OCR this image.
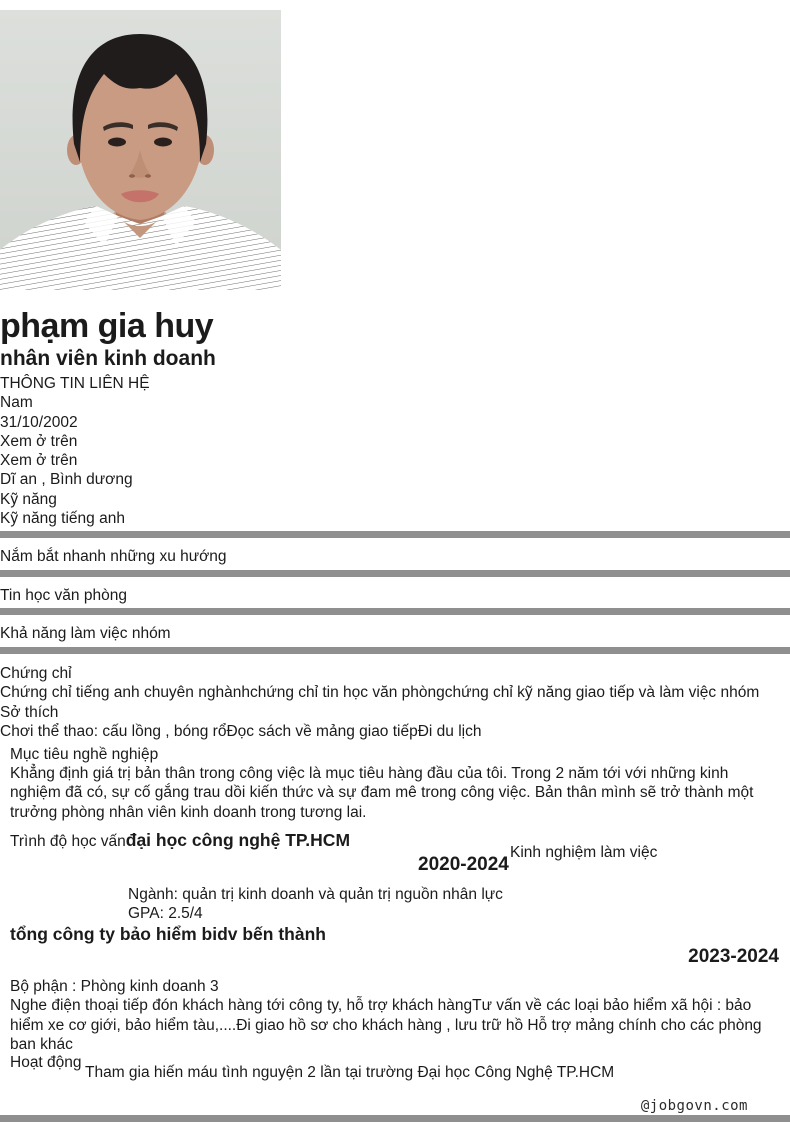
phạm gia huy
nhân viên kinh doanh
THÔNG TIN LIÊN HỆ
Nam
31/10/2002
Xem ở trên
Xem ở trên
Dĩ an , Bình dương
Kỹ năng
Kỹ năng tiếng anh
Nắm bắt nhanh những xu hướng
Tin học văn phòng
Khả năng làm việc nhóm
Chứng chỉ
Chứng chỉ tiếng anh chuyên nghànhchứng chỉ tin học văn phòngchứng chỉ kỹ năng giao tiếp và làm việc nhóm
Sở thích
Chơi thể thao: cấu lồng , bóng rổĐọc sách về mảng giao tiếpĐi du lịch
Mục tiêu nghề nghiệp
Khẳng định giá trị bản thân trong công việc là mục tiêu hàng đầu của tôi. Trong 2 năm tới với những kinh nghiệm đã có, sự cố gắng trau dồi kiến thức và sự đam mê trong công việc. Bản thân mình sẽ trở thành một trưởng phòng nhân viên kinh doanh trong tương lai.
Trình độ học vấn đại học công nghệ TP.HCM
Kinh nghiệm làm việc
2020-2024
Ngành: quản trị kinh doanh và quản trị nguồn nhân lực
GPA: 2.5/4
tổng công ty bảo hiểm bidv bến thành
2023-2024
Bộ phận : Phòng kinh doanh 3
Nghe điện thoại tiếp đón khách hàng tới công ty, hỗ trợ khách hàngTư vấn về các loại bảo hiểm xã hội : bảo hiểm xe cơ giới, bảo hiểm tàu,....Đi giao hồ sơ cho khách hàng , lưu trữ hồ Hỗ trợ mảng chính cho các phòng ban khác
Hoạt động
Tham gia hiến máu tình nguyện 2 lần tại trường Đại học Công Nghệ TP.HCM
@jobgovn.com
